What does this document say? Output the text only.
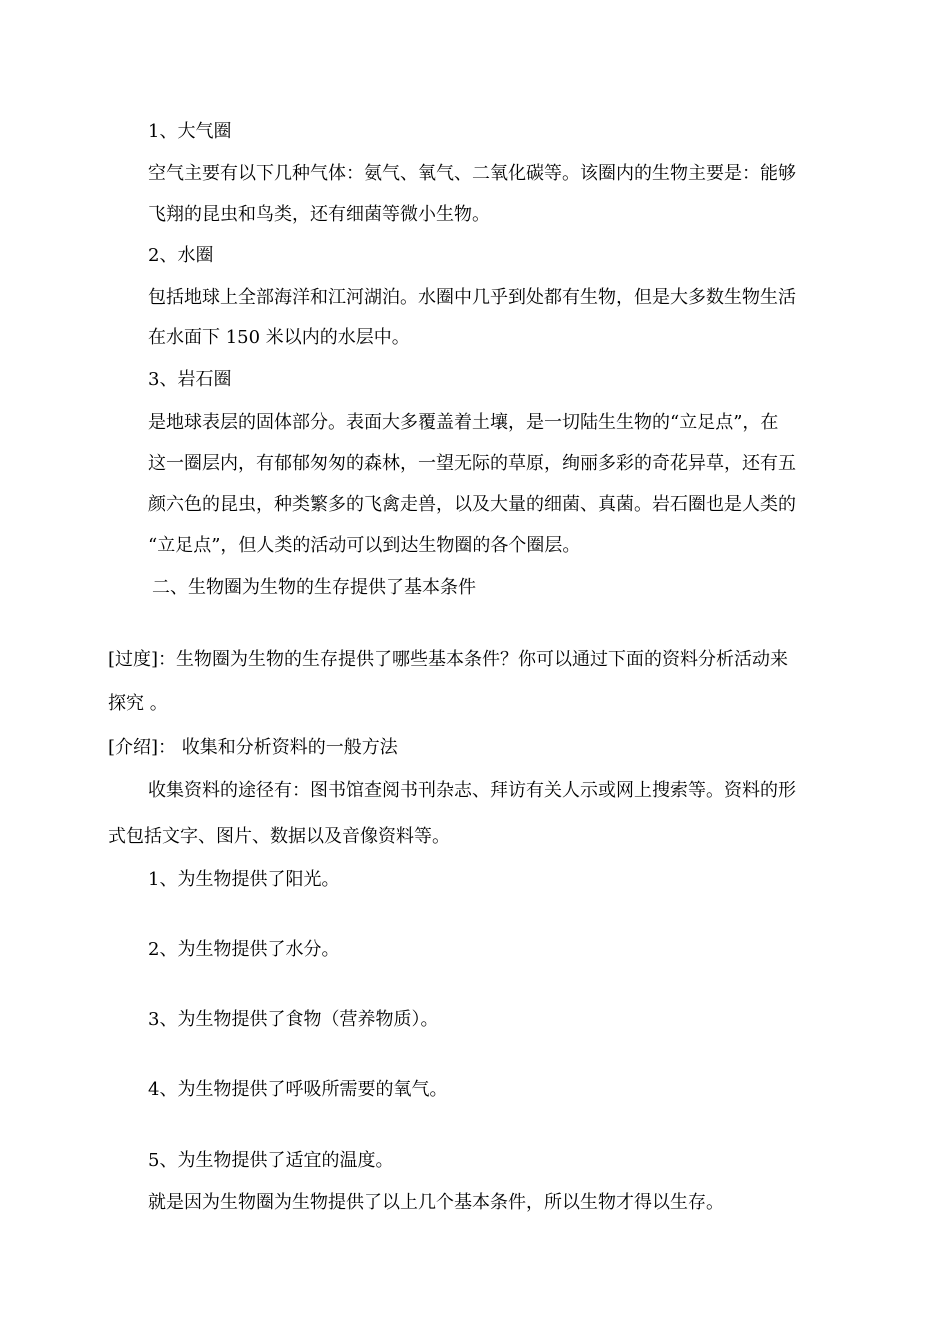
1、大气圈
空气主要有以下几种气体：氨气、氧气、二氧化碳等。该圈内的生物主要是：能够
飞翔的昆虫和鸟类，还有细菌等微小生物。
2、水圈
包括地球上全部海洋和江河湖泊。水圈中几乎到处都有生物，但是大多数生物生活
在水面下 150 米以内的水层中。
3、岩石圈
是地球表层的固体部分。表面大多覆盖着土壤，是一切陆生生物的“立足点”，在
这一圈层内，有郁郁匆匆的森林，一望无际的草原，绚丽多彩的奇花异草，还有五
颜六色的昆虫，种类繁多的飞禽走兽，以及大量的细菌、真菌。岩石圈也是人类的
“立足点”，但人类的活动可以到达生物圈的各个圈层。
二、生物圈为生物的生存提供了基本条件
[过度]：生物圈为生物的生存提供了哪些基本条件？你可以通过下面的资料分析活动来
探究 。
[介绍]： 收集和分析资料的一般方法
收集资料的途径有：图书馆查阅书刊杂志、拜访有关人示或网上搜索等。资料的形
式包括文字、图片、数据以及音像资料等。
1、为生物提供了阳光。
2、为生物提供了水分。
3、为生物提供了食物（营养物质）。
4、为生物提供了呼吸所需要的氧气。
5、为生物提供了适宜的温度。
就是因为生物圈为生物提供了以上几个基本条件，所以生物才得以生存。
